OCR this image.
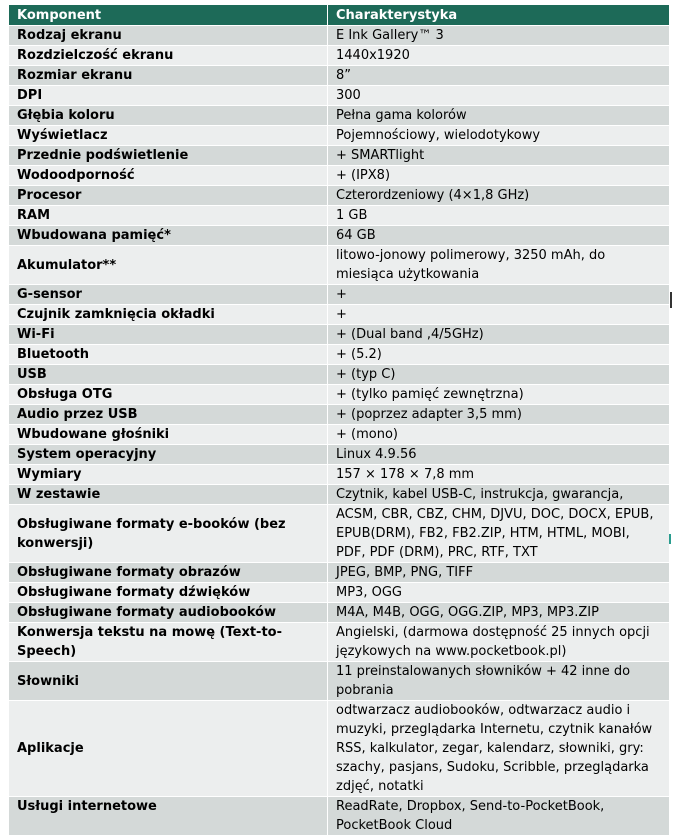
Komponent	Charakterystyka
Rodzaj ekranu	E Ink Gallery™ 3
Rozdzielczość ekranu	1440x1920
Rozmiar ekranu	8”
DPI	300
Głębia koloru	Pełna gama kolorów
Wyświetlacz	Pojemnościowy, wielodotykowy
Przednie podświetlenie	+ SMARTlight
Wodoodporność	+ (IPX8)
Procesor	Czterordzeniowy (4×1,8 GHz)
RAM	1 GB
Wbudowana pamięć*	64 GB
Akumulator**	litowo-jonowy polimerowy, 3250 mAh, do miesiąca użytkowania
G-sensor	+
Czujnik zamknięcia okładki	+
Wi-Fi	+ (Dual band ,4/5GHz)
Bluetooth	+ (5.2)
USB	+ (typ C)
Obsługa OTG	+ (tylko pamięć zewnętrzna)
Audio przez USB	+ (poprzez adapter 3,5 mm)
Wbudowane głośniki	+ (mono)
System operacyjny	Linux 4.9.56
Wymiary	157 × 178 × 7,8 mm
W zestawie	Czytnik, kabel USB-C, instrukcja, gwarancja,
Obsługiwane formaty e-booków (bez konwersji)	ACSM, CBR, CBZ, CHM, DJVU, DOC, DOCX, EPUB, EPUB(DRM), FB2, FB2.ZIP, HTM, HTML, MOBI, PDF, PDF (DRM), PRC, RTF, TXT
Obsługiwane formaty obrazów	JPEG, BMP, PNG, TIFF
Obsługiwane formaty dźwięków	MP3, OGG
Obsługiwane formaty audiobooków	M4A, M4B, OGG, OGG.ZIP, MP3, MP3.ZIP
Konwersja tekstu na mowę (Text-to-Speech)	Angielski, (darmowa dostępność 25 innych opcji językowych na www.pocketbook.pl)
Słowniki	11 preinstalowanych słowników + 42 inne do pobrania
Aplikacje	odtwarzacz audiobooków, odtwarzacz audio i muzyki, przeglądarka Internetu, czytnik kanałów RSS, kalkulator, zegar, kalendarz, słowniki, gry: szachy, pasjans, Sudoku, Scribble, przeglądarka zdjęć, notatki
Usługi internetowe	ReadRate, Dropbox, Send-to-PocketBook, PocketBook Cloud
